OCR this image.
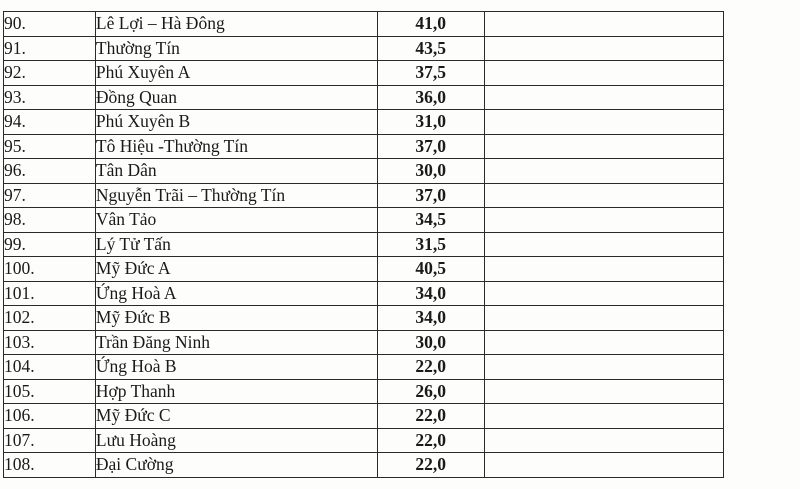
90.	Lê Lợi – Hà Đông	41,0	
91.	Thường Tín	43,5	
92.	Phú Xuyên A	37,5	
93.	Đồng Quan	36,0	
94.	Phú Xuyên B	31,0	
95.	Tô Hiệu -Thường Tín	37,0	
96.	Tân Dân	30,0	
97.	Nguyễn Trãi – Thường Tín	37,0	
98.	Vân Tảo	34,5	
99.	Lý Tử Tấn	31,5	
100.	Mỹ Đức A	40,5	
101.	Ứng Hoà A	34,0	
102.	Mỹ Đức B	34,0	
103.	Trần Đăng Ninh	30,0	
104.	Ứng Hoà B	22,0	
105.	Hợp Thanh	26,0	
106.	Mỹ Đức C	22,0	
107.	Lưu Hoàng	22,0	
108.	Đại Cường	22,0	
